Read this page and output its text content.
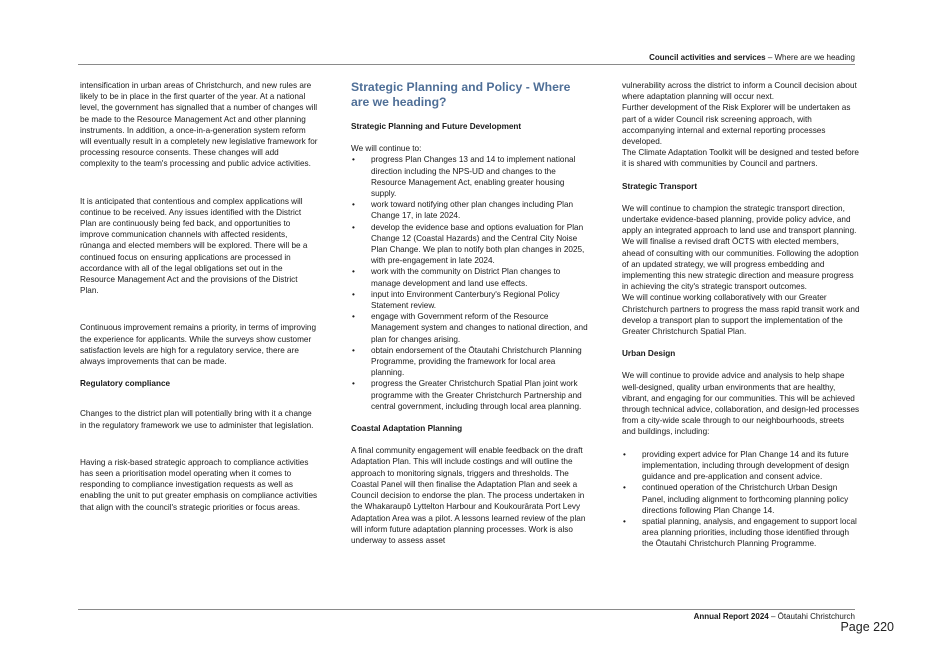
Council activities and services – Where are we heading

intensification in urban areas of Christchurch, and new rules are likely to be in place in the first quarter of the year. At a national level, the government has signalled that a number of changes will be made to the Resource Management Act and other planning instruments. In addition, a once-in-a-generation system reform will eventually result in a completely new legislative framework for processing resource consents. These changes will add complexity to the team's processing and public advice activities.

It is anticipated that contentious and complex applications will continue to be received. Any issues identified with the District Plan are continuously being fed back, and opportunities to improve communication channels with affected residents, rūnanga and elected members will be explored. There will be a continued focus on ensuring applications are processed in accordance with all of the legal obligations set out in the Resource Management Act and the provisions of the District Plan.

Continuous improvement remains a priority, in terms of improving the experience for applicants. While the surveys show customer satisfaction levels are high for a regulatory service, there are always improvements that can be made.

Regulatory compliance

Changes to the district plan will potentially bring with it a change in the regulatory framework we use to administer that legislation.

Having a risk-based strategic approach to compliance activities has seen a prioritisation model operating when it comes to responding to compliance investigation requests as well as enabling the unit to put greater emphasis on compliance activities that align with the council's strategic priorities or focus areas.

Strategic Planning and Policy - Where are we heading?

Strategic Planning and Future Development

We will continue to:

• progress Plan Changes 13 and 14 to implement national direction including the NPS-UD and changes to the Resource Management Act, enabling greater housing supply.
• work toward notifying other plan changes including Plan Change 17, in late 2024.
• develop the evidence base and options evaluation for Plan Change 12 (Coastal Hazards) and the Central City Noise Plan Change. We plan to notify both plan changes in 2025, with pre-engagement in late 2024.
• work with the community on District Plan changes to manage development and land use effects.
• input into Environment Canterbury's Regional Policy Statement review.
• engage with Government reform of the Resource Management system and changes to national direction, and plan for changes arising.
• obtain endorsement of the Ōtautahi Christchurch Planning Programme, providing the framework for local area planning.
• progress the Greater Christchurch Spatial Plan joint work programme with the Greater Christchurch Partnership and central government, including through local area planning.

Coastal Adaptation Planning

A final community engagement will enable feedback on the draft Adaptation Plan. This will include costings and will outline the approach to monitoring signals, triggers and thresholds. The Coastal Panel will then finalise the Adaptation Plan and seek a Council decision to endorse the plan. The process undertaken in the Whakaraupō Lyttelton Harbour and Koukourārata Port Levy Adaptation Area was a pilot. A lessons learned review of the plan will inform future adaptation planning processes. Work is also underway to assess asset

vulnerability across the district to inform a Council decision about where adaptation planning will occur next.

Further development of the Risk Explorer will be undertaken as part of a wider Council risk screening approach, with accompanying internal and external reporting processes developed.

The Climate Adaptation Toolkit will be designed and tested before it is shared with communities by Council and partners.

Strategic Transport

We will continue to champion the strategic transport direction, undertake evidence-based planning, provide policy advice, and apply an integrated approach to land use and transport planning.

We will finalise a revised draft ŌCTS with elected members, ahead of consulting with our communities. Following the adoption of an updated strategy, we will progress embedding and implementing this new strategic direction and measure progress in achieving the city's strategic transport outcomes.

We will continue working collaboratively with our Greater Christchurch partners to progress the mass rapid transit work and develop a transport plan to support the implementation of the Greater Christchurch Spatial Plan.

Urban Design

We will continue to provide advice and analysis to help shape well-designed, quality urban environments that are healthy, vibrant, and engaging for our communities. This will be achieved through technical advice, collaboration, and design-led processes from a city-wide scale through to our neighbourhoods, streets and buildings, including:

• providing expert advice for Plan Change 14 and its future implementation, including through development of design guidance and pre-application and consent advice.
• continued operation of the Christchurch Urban Design Panel, including alignment to forthcoming planning policy directions following Plan Change 14.
• spatial planning, analysis, and engagement to support local area planning priorities, including those identified through the Ōtautahi Christchurch Planning Programme.
Annual Report 2024 – Ōtautahi Christchurch
Page 220
